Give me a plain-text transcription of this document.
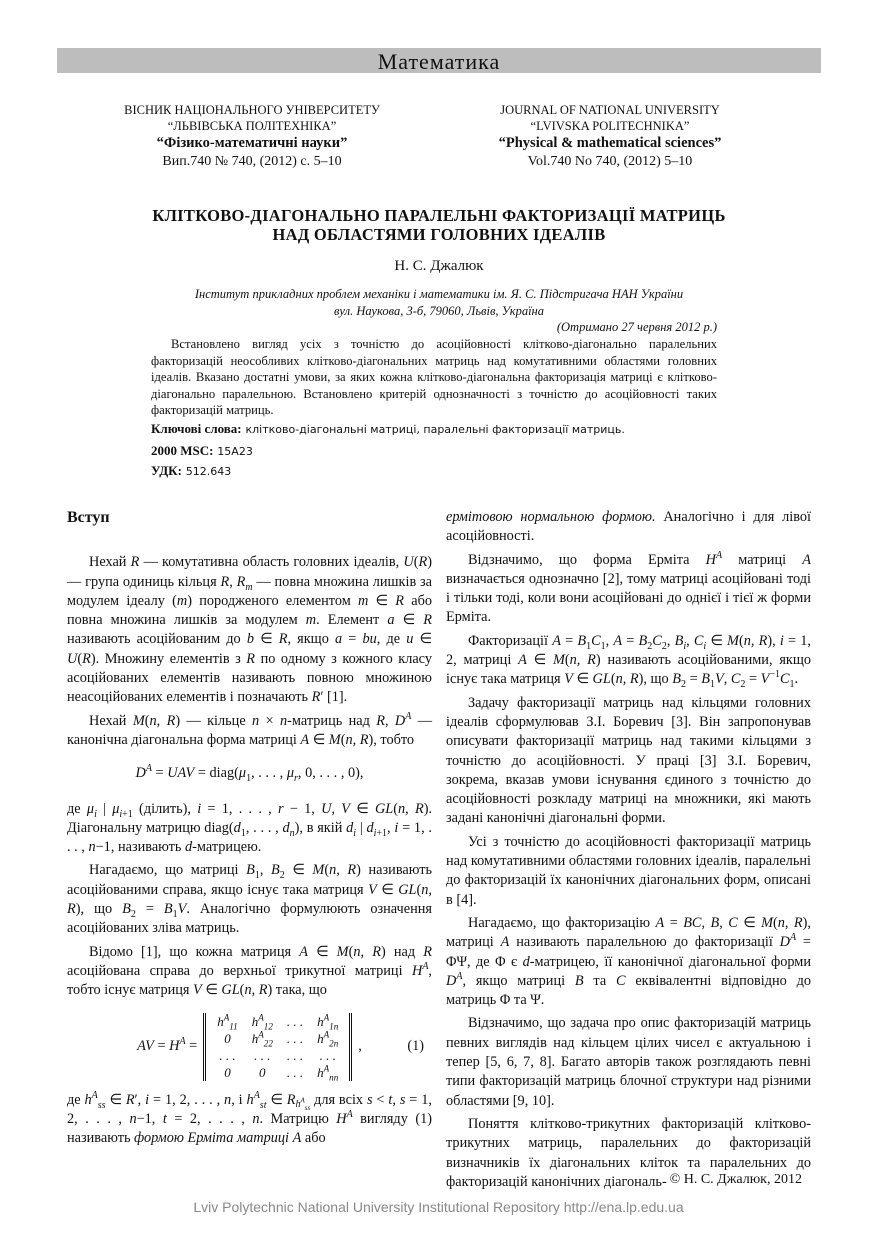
Математика
ВІСНИК НАЦІОНАЛЬНОГО УНІВЕРСИТЕТУ
“ЛЬВІВСЬКА ПОЛІТЕХНІКА”
“Фізико-математичні науки”
Вип.740 № 740, (2012) с. 5–10
JOURNAL OF NATIONAL UNIVERSITY
“LVIVSKA POLITECHNIKA”
“Physical & mathematical sciences”
Vol.740 No 740, (2012) 5–10
КЛІТКОВО-ДІАГОНАЛЬНО ПАРАЛЕЛЬНІ ФАКТОРИЗАЦІЇ МАТРИЦЬ
НАД ОБЛАСТЯМИ ГОЛОВНИХ ІДЕАЛІВ
Н. С. Джалюк
Інститут прикладних проблем механіки і математики ім. Я. С. Підстригача НАН України
вул. Наукова, 3-б, 79060, Львів, Україна
(Отримано 27 червня 2012 р.)

Встановлено вигляд усіх з точністю до асоційовності клітково-діагонально паралельних факторизацій неособливих клітково-діагональних матриць над комутативними областями головних ідеалів. Вказано достатні умови, за яких кожна клітково-діагональна факторизація матриці є клітково-діагонально паралельною. Встановлено критерій однозначності з точністю до асоційовності таких факторизацій матриць.

Ключові слова: клітково-діагональні матриці, паралельні факторизації матриць.
2000 MSC: 15A23
УДК: 512.643
Вступ

Нехай R — комутативна область головних ідеалів, U(R) — група одиниць кільця R, $R_m$ — повна множина лишків за модулем ідеалу (m) породженого елементом m ∈ R або повна множина лишків за модулем m. Елемент a ∈ R називають асоційованим до b ∈ R, якщо a = bu, де u ∈ U(R). Множину елементів з R по одному з кожного класу асоційованих елементів називають повною множиною неасоційованих елементів і позначають R′ [1].

Нехай M(n, R) — кільце n × n-матриць над R, $D^A$ — канонічна діагональна форма матриці A ∈ M(n, R), тобто

$D^A$ = UAV = $diag(\mu_1$, . . . , $\mu_r$, 0, . . . , 0),

де $\mu_i$ | $\mu_{i+1}$ (ділить), i = 1, . . . , r − 1, U, V ∈ GL(n, R). Діагональну матрицю $diag(d_1$, . . . , $d_n$), в якій $d_i$ | $d_{i+1}$, i = 1, . . . , n−1, називають d-матрицею.

Нагадаємо, що матриці $B_1$, $B_2$ ∈ M(n, R) називають асоційованими справа, якщо існує така матриця V ∈ GL(n, R), що $B_2 = B_1V$. Аналогічно формулюють означення асоційованих зліва матриць.

Відомо [1], що кожна матриця A ∈ M(n, R) над R асоційована справа до верхньої трикутної матриці $H^A$, тобто існує матриця V ∈ GL(n, R) така, що

AV = $H^A$ =
$h^A_{11}$	$h^A_{12}$	. . .	$h^A_{1n}$
0	$h^A_{22}$	. . .	$h^A_{2n}$
. . .	. . .	. . .	. . .
0	0	. . .	$h^A_{nn}$
,	(1)

де $h^A_{ss}$ ∈ R′, i = 1, 2, . . . , n, і $h^A_{st}$ ∈ $R_{h^A_{ss}}$ для всіх s < t, s = 1, 2, . . . , n−1, t = 2, . . . , n. Матрицю $H^A$ вигляду (1) називають формою Ерміта матриці A або

ермітовою нормальною формою. Аналогічно і для лівої асоційовності.

Відзначимо, що форма Ерміта $H^A$ матриці A визначається однозначно [2], тому матриці асоційовані тоді і тільки тоді, коли вони асоційовані до однієї і тієї ж форми Ерміта.

Факторизації $A = B_1C_1$, $A = B_2C_2$, $B_i$, $C_i$ ∈ M(n, R), i = 1, 2, матриці A ∈ M(n, R) називають асоційованими, якщо існує така матриця V ∈ GL(n, R), що $B_2 = B_1V$, $C_2 = V^{-1}C_1$.

Задачу факторизації матриць над кільцями головних ідеалів сформулював З.І. Боревич [3]. Він запропонував описувати факторизації матриць над такими кільцями з точністю до асоційовності. У праці [3] З.І. Боревич, зокрема, вказав умови існування єдиного з точністю до асоційовності розкладу матриці на множники, які мають задані канонічні діагональні форми.

Усі з точністю до асоційовності факторизації матриць над комутативними областями головних ідеалів, паралельні до факторизацій їх канонічних діагональних форм, описані в [4].

Нагадаємо, що факторизацію A = BC, B, C ∈ M(n, R), матриці A називають паралельною до факторизації $D^A = \Phi\Psi$, де Φ є d-матрицею, її канонічної діагональної форми $D^A$, якщо матриці B та C еквівалентні відповідно до матриць Φ та Ψ.

Відзначимо, що задача про опис факторизацій матриць певних виглядів над кільцем цілих чисел є актуальною і тепер [5, 6, 7, 8]. Багато авторів також розглядають певні типи факторизацій матриць блочної структури над різними областями [9, 10].

Поняття клітково-трикутних факторизацій клітково-трикутних матриць, паралельних до факторизацій визначників їх діагональних кліток та паралельних до факторизацій канонічних діагональ- © Н. С. Джалюк, 2012
Lviv Polytechnic National University Institutional Repository http://ena.lp.edu.ua
